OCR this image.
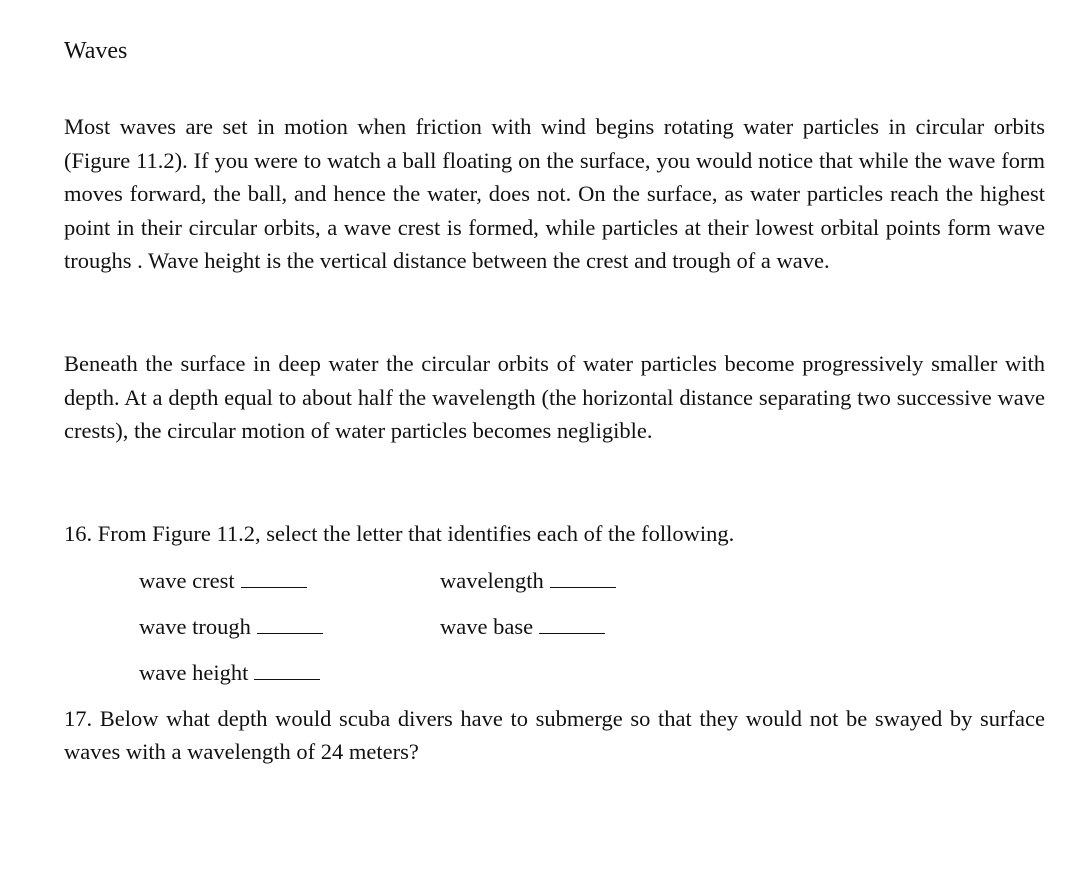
Waves

Most waves are set in motion when friction with wind begins rotating water particles in circular orbits (Figure 11.2). If you were to watch a ball floating on the surface, you would notice that while the wave form moves forward, the ball, and hence the water, does not. On the surface, as water particles reach the highest point in their circular orbits, a wave crest is formed, while particles at their lowest orbital points form wave troughs . Wave height is the vertical distance between the crest and trough of a wave.

Beneath the surface in deep water the circular orbits of water particles become progressively smaller with depth. At a depth equal to about half the wavelength (the horizontal distance separating two successive wave crests), the circular motion of water particles becomes negligible.

16. From Figure 11.2, select the letter that identifies each of the following.

wave crest	wavelength
wave trough	wave base
wave height

17. Below what depth would scuba divers have to submerge so that they would not be swayed by surface waves with a wavelength of 24 meters?
